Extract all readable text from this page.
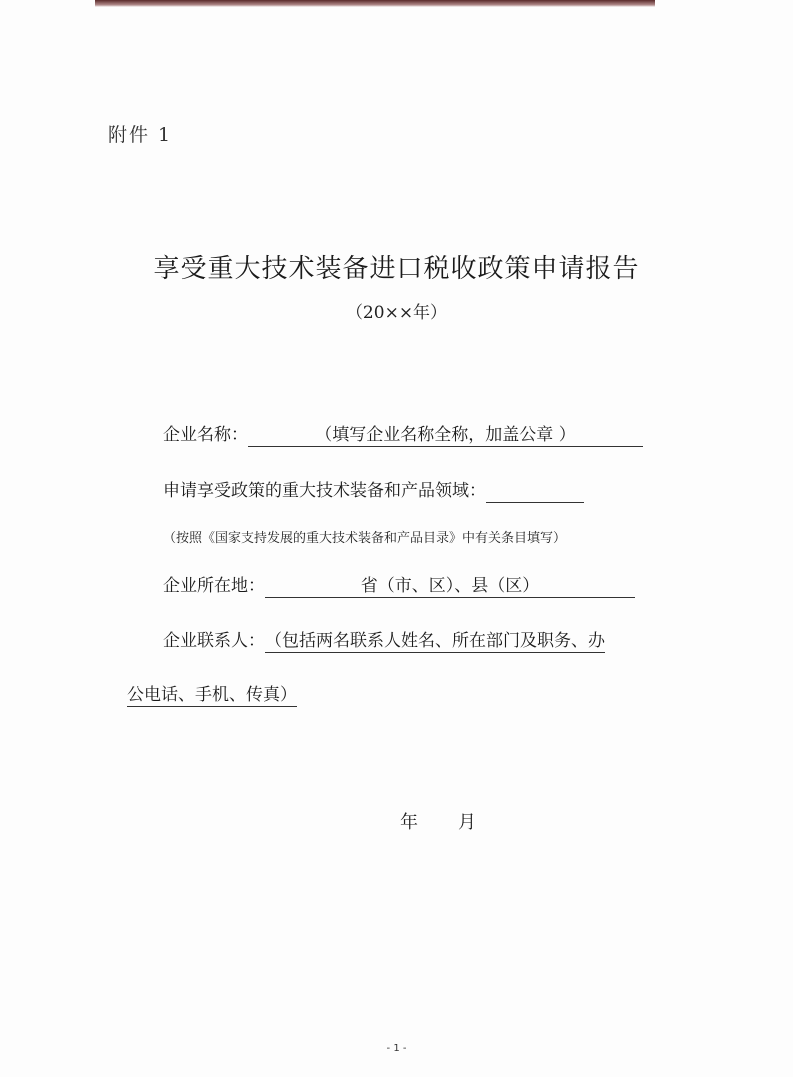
附件 1
享受重大技术装备进口税收政策申请报告
（20××年）
企业名称：	（填写企业名称全称，加盖公章 ）
申请享受政策的重大技术装备和产品领域：
（按照《国家支持发展的重大技术装备和产品目录》中有关条目填写）
企业所在地：	省（市、区）、县（区）
企业联系人：（包括两名联系人姓名、所在部门及职务、办
公电话、手机、传真）
年 月
- 1 -
